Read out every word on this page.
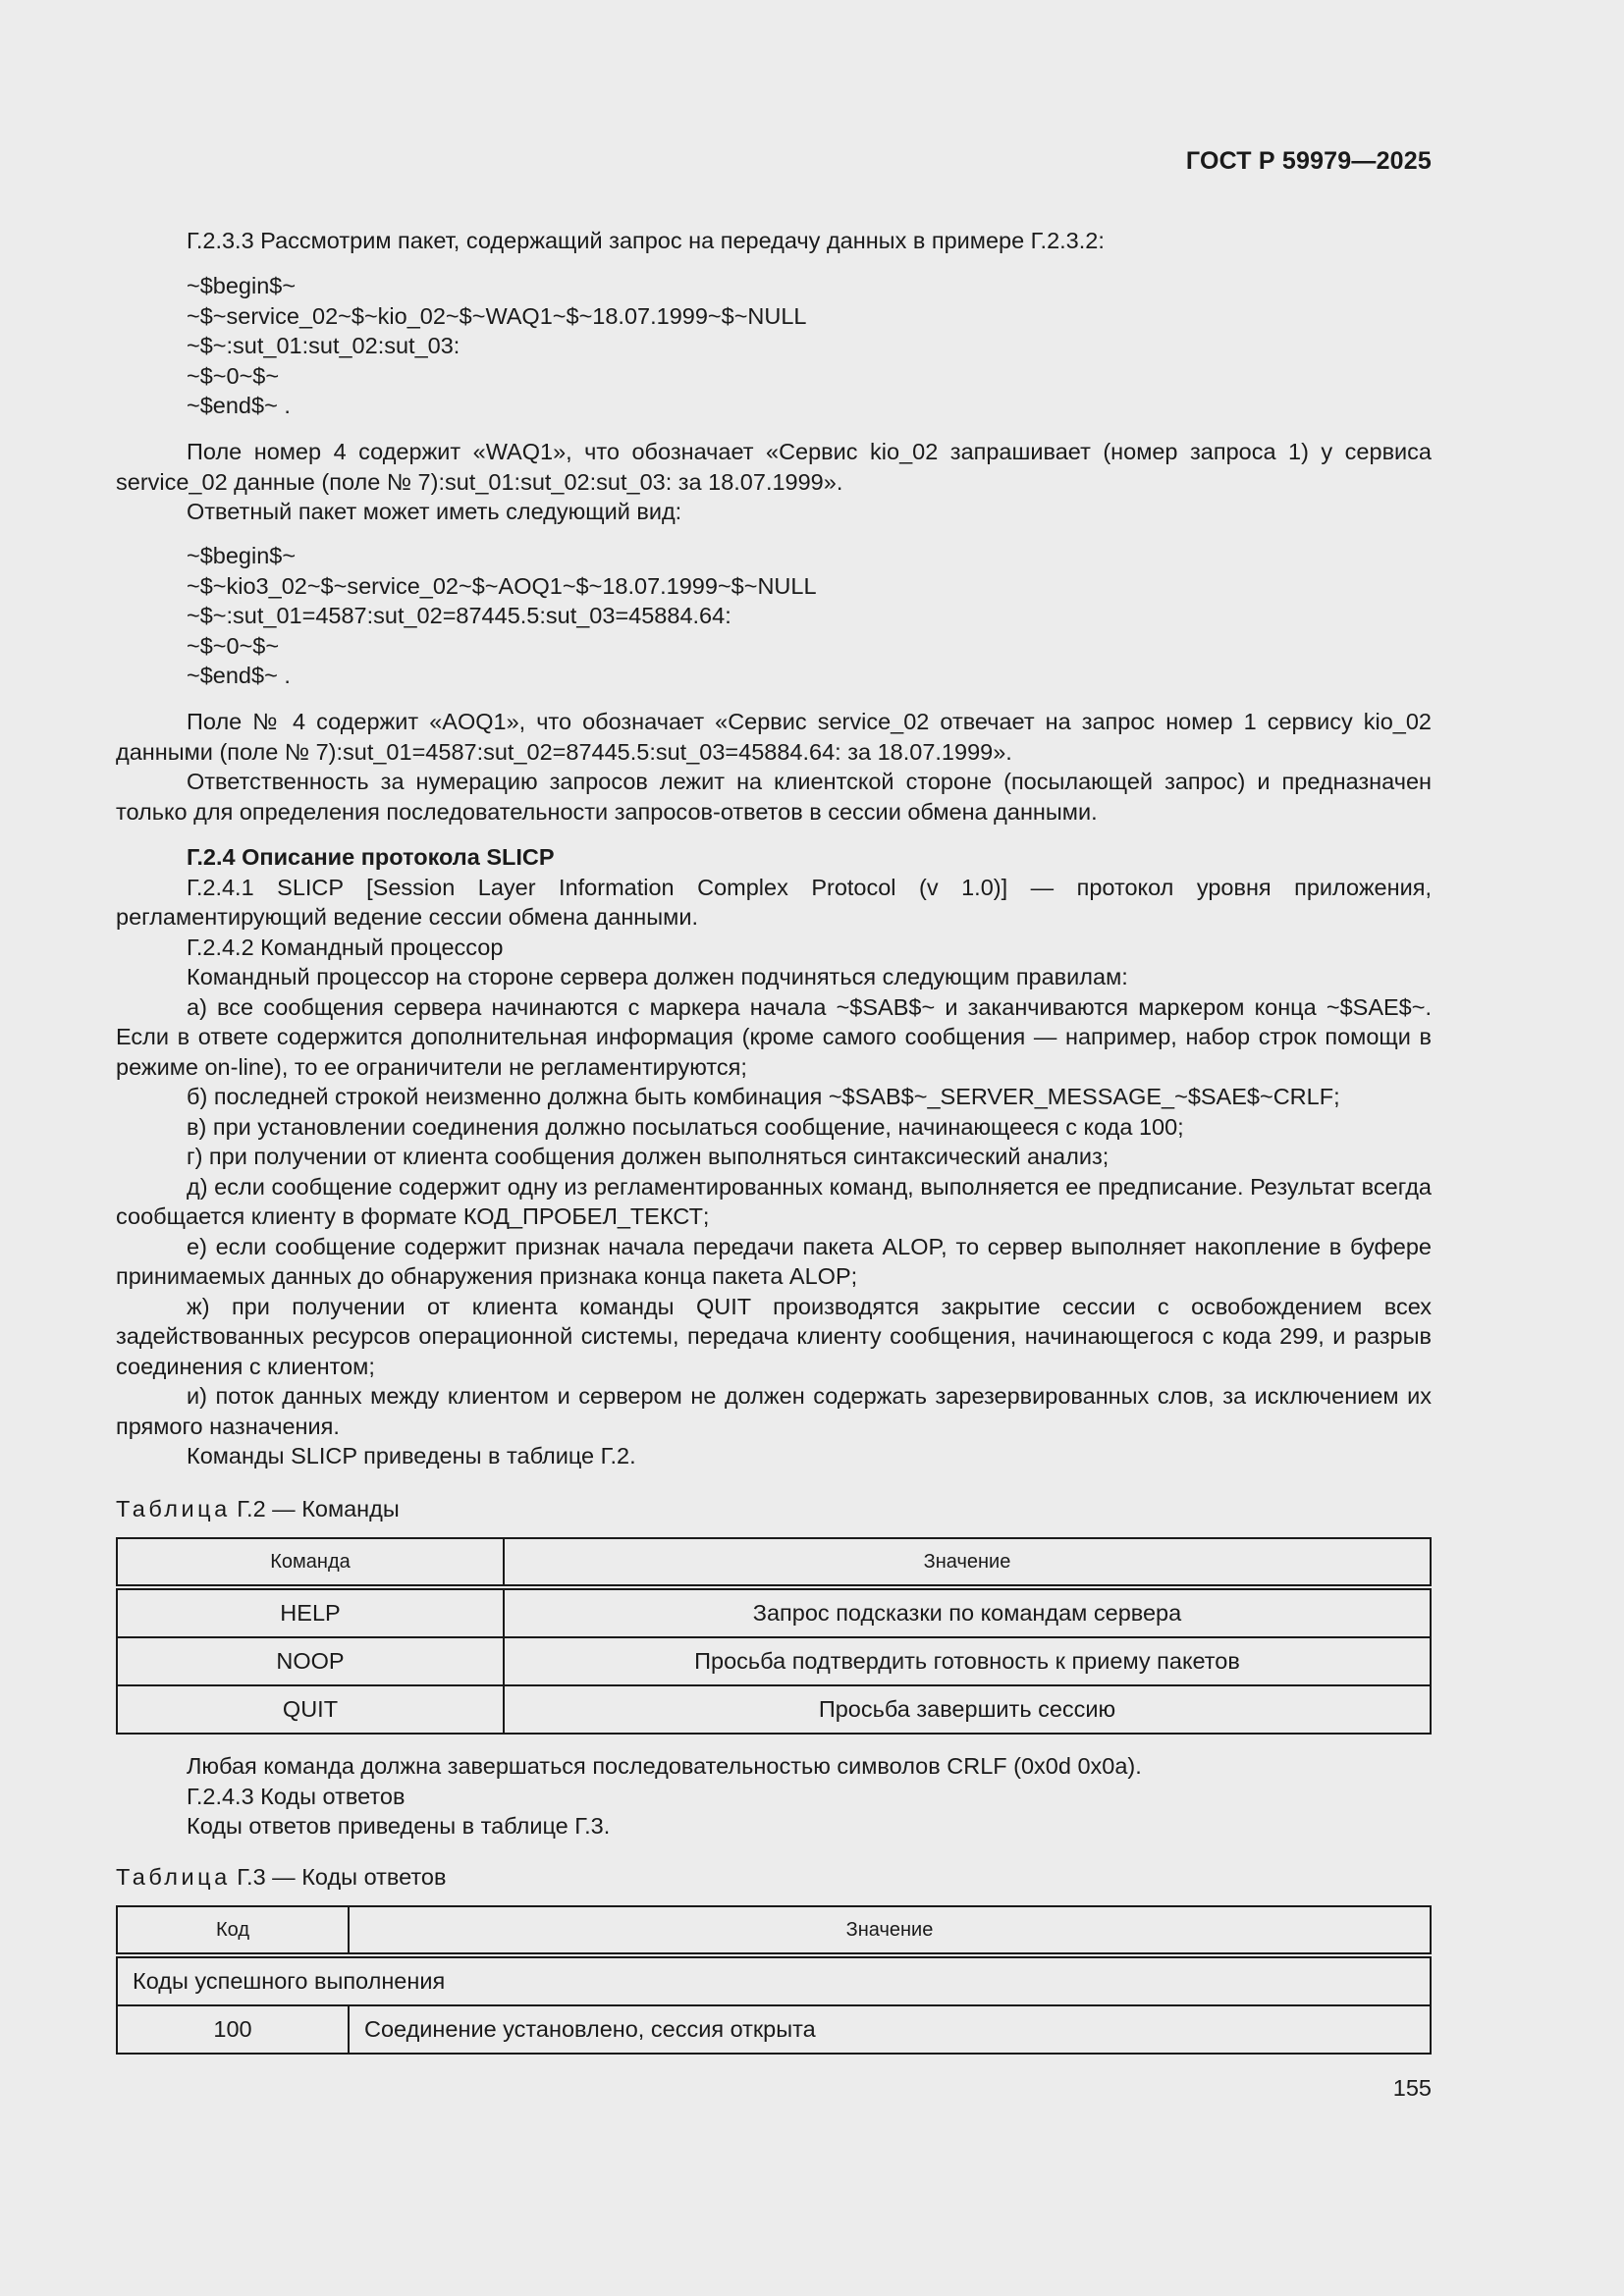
ГОСТ Р 59979—2025

Г.2.3.3 Рассмотрим пакет, содержащий запрос на передачу данных в примере Г.2.3.2:

~$begin$~

~$~service_02~$~kio_02~$~WAQ1~$~18.07.1999~$~NULL

~$~:sut_01:sut_02:sut_03:

~$~0~$~

~$end$~ .

Поле номер 4 содержит «WAQ1», что обозначает «Сервис kio_02 запрашивает (номер запроса 1) у сервиса service_02 данные (поле № 7):sut_01:sut_02:sut_03: за 18.07.1999».

Ответный пакет может иметь следующий вид:

~$begin$~

~$~kio3_02~$~service_02~$~AOQ1~$~18.07.1999~$~NULL

~$~:sut_01=4587:sut_02=87445.5:sut_03=45884.64:

~$~0~$~

~$end$~ .

Поле № 4 содержит «AOQ1», что обозначает «Сервис service_02 отвечает на запрос номер 1 сервису kio_02 данными (поле № 7):sut_01=4587:sut_02=87445.5:sut_03=45884.64: за 18.07.1999».

Ответственность за нумерацию запросов лежит на клиентской стороне (посылающей запрос) и предназначен только для определения последовательности запросов-ответов в сессии обмена данными.

Г.2.4 Описание протокола SLICP

Г.2.4.1 SLICP [Session Layer Information Complex Protocol (v 1.0)] — протокол уровня приложения, регламентирующий ведение сессии обмена данными.

Г.2.4.2 Командный процессор

Командный процессор на стороне сервера должен подчиняться следующим правилам:

а) все сообщения сервера начинаются с маркера начала ~$SAB$~ и заканчиваются маркером конца ~$SAE$~. Если в ответе содержится дополнительная информация (кроме самого сообщения — например, набор строк помощи в режиме on-line), то ее ограничители не регламентируются;

б) последней строкой неизменно должна быть комбинация ~$SAB$~_SERVER_MESSAGE_~$SAE$~CRLF;

в) при установлении соединения должно посылаться сообщение, начинающееся с кода 100;

г) при получении от клиента сообщения должен выполняться синтаксический анализ;

д) если сообщение содержит одну из регламентированных команд, выполняется ее предписание. Результат всегда сообщается клиенту в формате КОД_ПРОБЕЛ_ТЕКСТ;

е) если сообщение содержит признак начала передачи пакета ALOP, то сервер выполняет накопление в буфере принимаемых данных до обнаружения признака конца пакета ALOP;

ж) при получении от клиента команды QUIT производятся закрытие сессии с освобождением всех задействованных ресурсов операционной системы, передача клиенту сообщения, начинающегося с кода 299, и разрыв соединения с клиентом;

и) поток данных между клиентом и сервером не должен содержать зарезервированных слов, за исключением их прямого назначения.

Команды SLICP приведены в таблице Г.2.

Таблица Г.2 — Команды
Команда	Значение
HELP	Запрос подсказки по командам сервера
NOOP	Просьба подтвердить готовность к приему пакетов
QUIT	Просьба завершить сессию

Любая команда должна завершаться последовательностью символов CRLF (0x0d 0x0a).

Г.2.4.3 Коды ответов

Коды ответов приведены в таблице Г.3.

Таблица Г.3 — Коды ответов
Код	Значение
Коды успешного выполнения	
100	Соединение установлено, сессия открыта
155
